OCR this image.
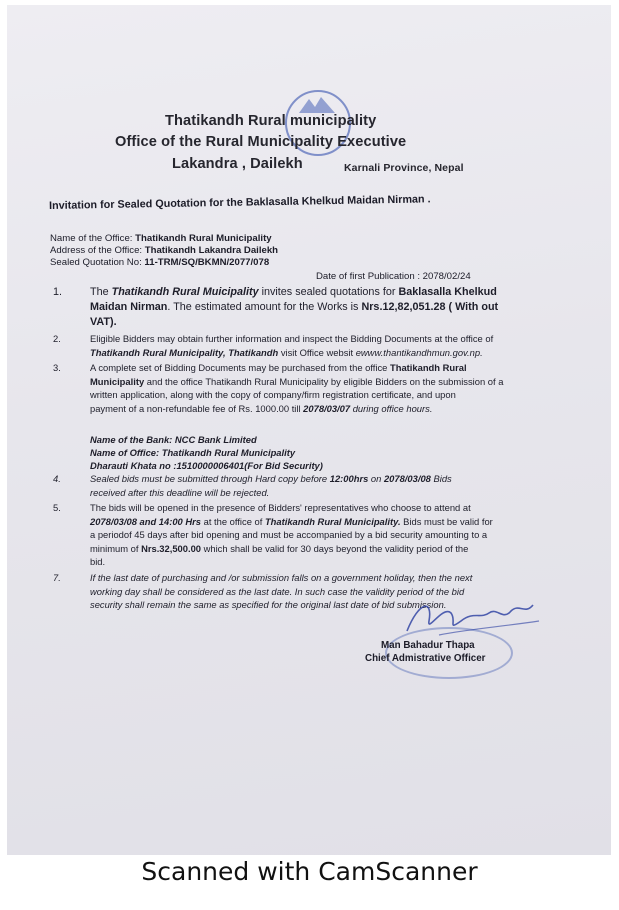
Thatikandh Rural municipality
Office of the Rural Municipality Executive
Lakandra , Dailekh	Karnali Province, Nepal
Invitation for Sealed Quotation for the Baklasalla Khelkud Maidan Nirman .
Name of the Office: Thatikandh Rural Municipality
Address of the Office: Thatikandh Lakandra Dailekh
Sealed Quotation No: 11-TRM/SQ/BKMN/2077/078
Date of first Publication : 2078/02/24
1.	The Thatikandh Rural Muicipality invites sealed quotations for Baklasalla Khelkud
Maidan Nirman. The estimated amount for the Works is Nrs.12,82,051.28 ( With out
VAT).
2.	Eligible Bidders may obtain further information and inspect the Bidding Documents at the office of
Thatikandh Rural Municipality, Thatikandh visit Office websit ewww.thantikandhmun.gov.np.
3.	A complete set of Bidding Documents may be purchased from the office Thatikandh Rural
Municipality and the office Thatikandh Rural Municipality by eligible Bidders on the submission of a
written application, along with the copy of company/firm registration certificate, and upon
payment of a non-refundable fee of Rs. 1000.00 till 2078/03/07 during office hours.
Name of the Bank: NCC Bank Limited
Name of Office: Thatikandh Rural Municipality
Dharauti Khata no :1510000006401(For Bid Security)
4.	Sealed bids must be submitted through Hard copy before 12:00hrs on 2078/03/08 Bids
received after this deadline will be rejected.
5.	The bids will be opened in the presence of Bidders' representatives who choose to attend at
2078/03/08 and 14:00 Hrs at the office of Thatikandh Rural Municipality. Bids must be valid for
a periodof 45 days after bid opening and must be accompanied by a bid security amounting to a
minimum of Nrs.32,500.00 which shall be valid for 30 days beyond the validity period of the
bid.
7.	If the last date of purchasing and /or submission falls on a government holiday, then the next
working day shall be considered as the last date. In such case the validity period of the bid
security shall remain the same as specified for the original last date of bid submission.
Man Bahadur Thapa
Chief Admistrative Officer
Scanned with CamScanner
